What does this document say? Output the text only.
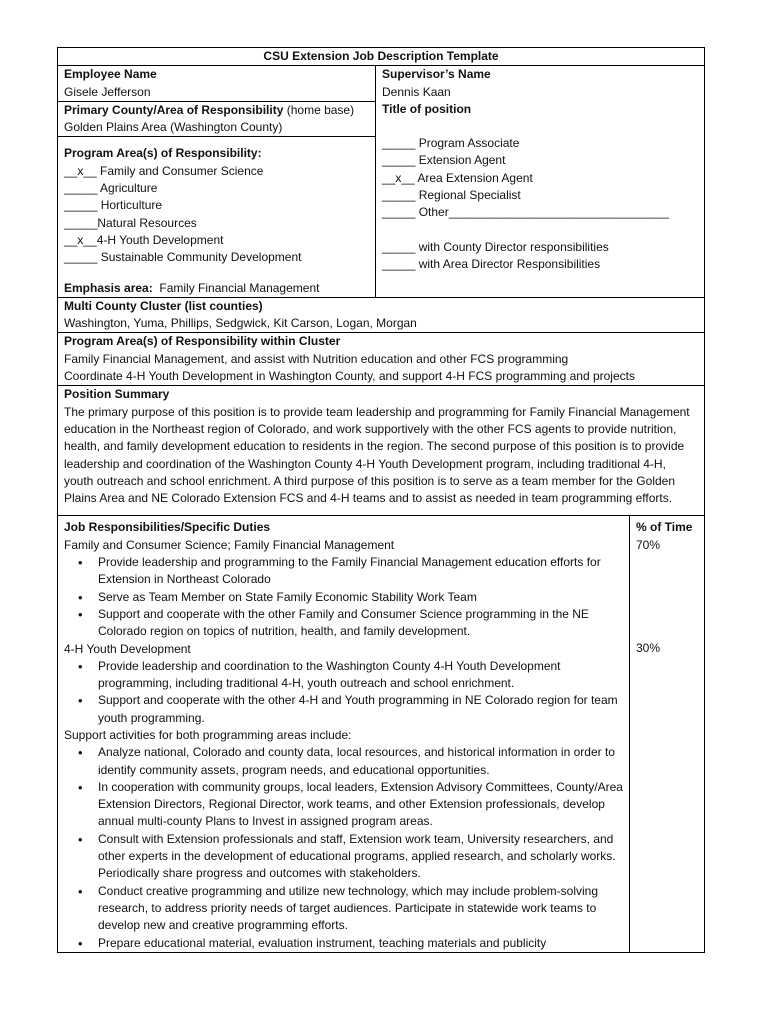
CSU Extension Job Description Template
Employee Name
Gisele Jefferson
Primary County/Area of Responsibility (home base)
Golden Plains Area (Washington County)
Program Area(s) of Responsibility:
__x__ Family and Consumer Science
_____ Agriculture
_____ Horticulture
_____Natural Resources
__x__4-H Youth Development
_____ Sustainable Community Development
Emphasis area: Family Financial Management
Supervisor’s Name
Dennis Kaan
Title of position
_____ Program Associate
_____ Extension Agent
__x__ Area Extension Agent
_____ Regional Specialist
_____ Other_________________________________
_____ with County Director responsibilities
_____ with Area Director Responsibilities
Multi County Cluster (list counties)
Washington, Yuma, Phillips, Sedgwick, Kit Carson, Logan, Morgan
Program Area(s) of Responsibility within Cluster
Family Financial Management, and assist with Nutrition education and other FCS programming
Coordinate 4-H Youth Development in Washington County, and support 4-H FCS programming and projects
Position Summary
The primary purpose of this position is to provide team leadership and programming for Family Financial Management education in the Northeast region of Colorado, and work supportively with the other FCS agents to provide nutrition, health, and family development education to residents in the region. The second purpose of this position is to provide leadership and coordination of the Washington County 4-H Youth Development program, including traditional 4-H, youth outreach and school enrichment. A third purpose of this position is to serve as a team member for the Golden Plains Area and NE Colorado Extension FCS and 4-H teams and to assist as needed in team programming efforts.
Job Responsibilities/Specific Duties
Family and Consumer Science; Family Financial Management
• Provide leadership and programming to the Family Financial Management education efforts for Extension in Northeast Colorado
• Serve as Team Member on State Family Economic Stability Work Team
• Support and cooperate with the other Family and Consumer Science programming in the NE Colorado region on topics of nutrition, health, and family development.
4-H Youth Development
• Provide leadership and coordination to the Washington County 4-H Youth Development programming, including traditional 4-H, youth outreach and school enrichment.
• Support and cooperate with the other 4-H and Youth programming in NE Colorado region for team youth programming.
Support activities for both programming areas include:
• Analyze national, Colorado and county data, local resources, and historical information in order to identify community assets, program needs, and educational opportunities.
• In cooperation with community groups, local leaders, Extension Advisory Committees, County/Area Extension Directors, Regional Director, work teams, and other Extension professionals, develop annual multi-county Plans to Invest in assigned program areas.
• Consult with Extension professionals and staff, Extension work team, University researchers, and other experts in the development of educational programs, applied research, and scholarly works. Periodically share progress and outcomes with stakeholders.
• Conduct creative programming and utilize new technology, which may include problem-solving research, to address priority needs of target audiences. Participate in statewide work teams to develop new and creative programming efforts.
• Prepare educational material, evaluation instrument, teaching materials and publicity
% of Time
70%
30%
